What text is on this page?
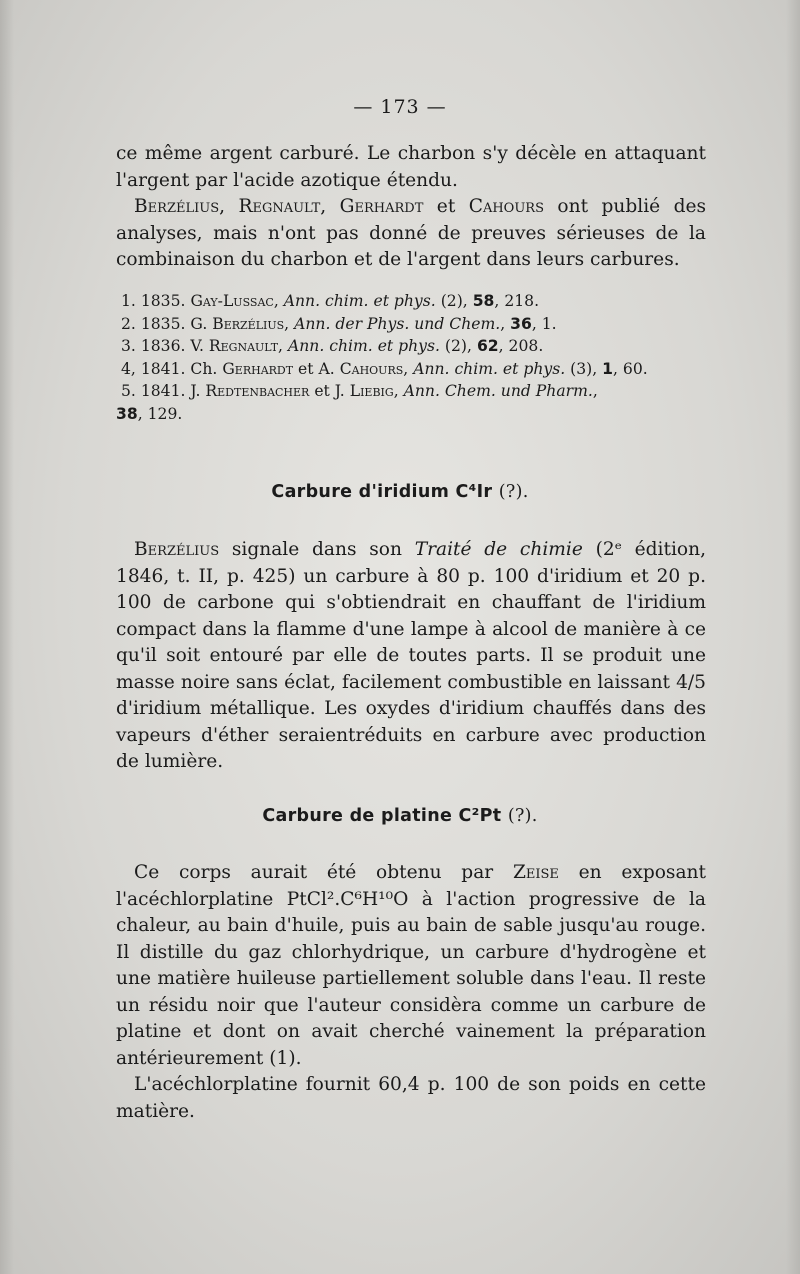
— 173 —

ce même argent carburé. Le charbon s'y décèle en attaquant l'argent par l'acide azotique étendu.

Berzélius, Regnault, Gerhardt et Cahours ont publié des analyses, mais n'ont pas donné de preuves sérieuses de la combinaison du charbon et de l'argent dans leurs carbures.

1. 1835. Gay-Lussac, Ann. chim. et phys. (2), 58, 218.

2. 1835. G. Berzélius, Ann. der Phys. und Chem., 36, 1.

3. 1836. V. Regnault, Ann. chim. et phys. (2), 62, 208.

4, 1841. Ch. Gerhardt et A. Cahours, Ann. chim. et phys. (3), 1, 60.

5. 1841. J. Redtenbacher et J. Liebig, Ann. Chem. und Pharm.,

38, 129.

Carbure d'iridium C⁴Ir (?).

Berzélius signale dans son Traité de chimie (2ᵉ édition, 1846, t. II, p. 425) un carbure à 80 p. 100 d'iridium et 20 p. 100 de carbone qui s'obtiendrait en chauffant de l'iridium compact dans la flamme d'une lampe à alcool de manière à ce qu'il soit entouré par elle de toutes parts. Il se produit une masse noire sans éclat, facilement combustible en laissant 4/5 d'iridium métallique. Les oxydes d'iridium chauffés dans des vapeurs d'éther seraientréduits en carbure avec production de lumière.

Carbure de platine C²Pt (?).

Ce corps aurait été obtenu par Zeise en exposant l'acéchlorplatine PtCl².C⁶H¹⁰O à l'action progressive de la chaleur, au bain d'huile, puis au bain de sable jusqu'au rouge. Il distille du gaz chlorhydrique, un carbure d'hydrogène et une matière huileuse partiellement soluble dans l'eau. Il reste un résidu noir que l'auteur considèra comme un carbure de platine et dont on avait cherché vainement la préparation antérieurement (1).

L'acéchlorplatine fournit 60,4 p. 100 de son poids en cette matière.
